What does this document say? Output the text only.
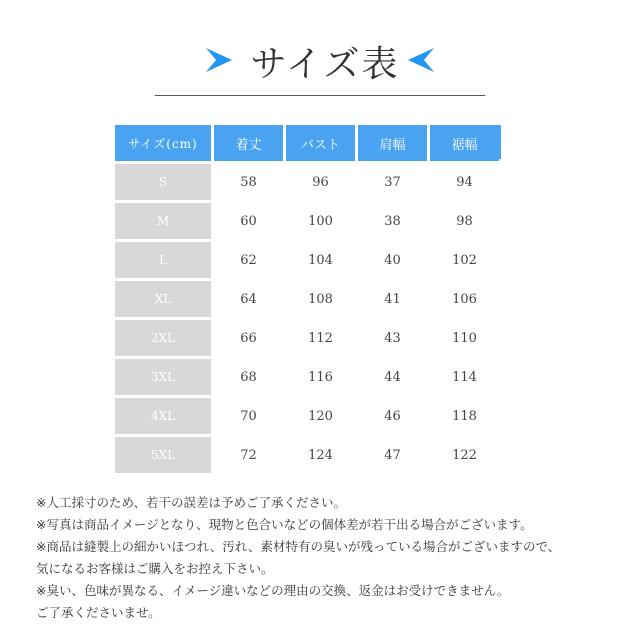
サイズ表
サイズ(cm)	着丈	バスト	肩幅	裾幅
S	58	96	37	94
M	60	100	38	98
L	62	104	40	102
XL	64	108	41	106
2XL	66	112	43	110
3XL	68	116	44	114
4XL	70	120	46	118
5XL	72	124	47	122
※人工採寸のため、若干の誤差は予めご了承ください。
※写真は商品イメージとなり、現物と色合いなどの個体差が若干出る場合がございます。
※商品は縫製上の細かいほつれ、汚れ、素材特有の臭いが残っている場合がございますので、
気になるお客様はご購入をお控え下さい。
※臭い、色味が異なる、イメージ違いなどの理由の交換、返金はお受けできません。
ご了承くださいませ。
